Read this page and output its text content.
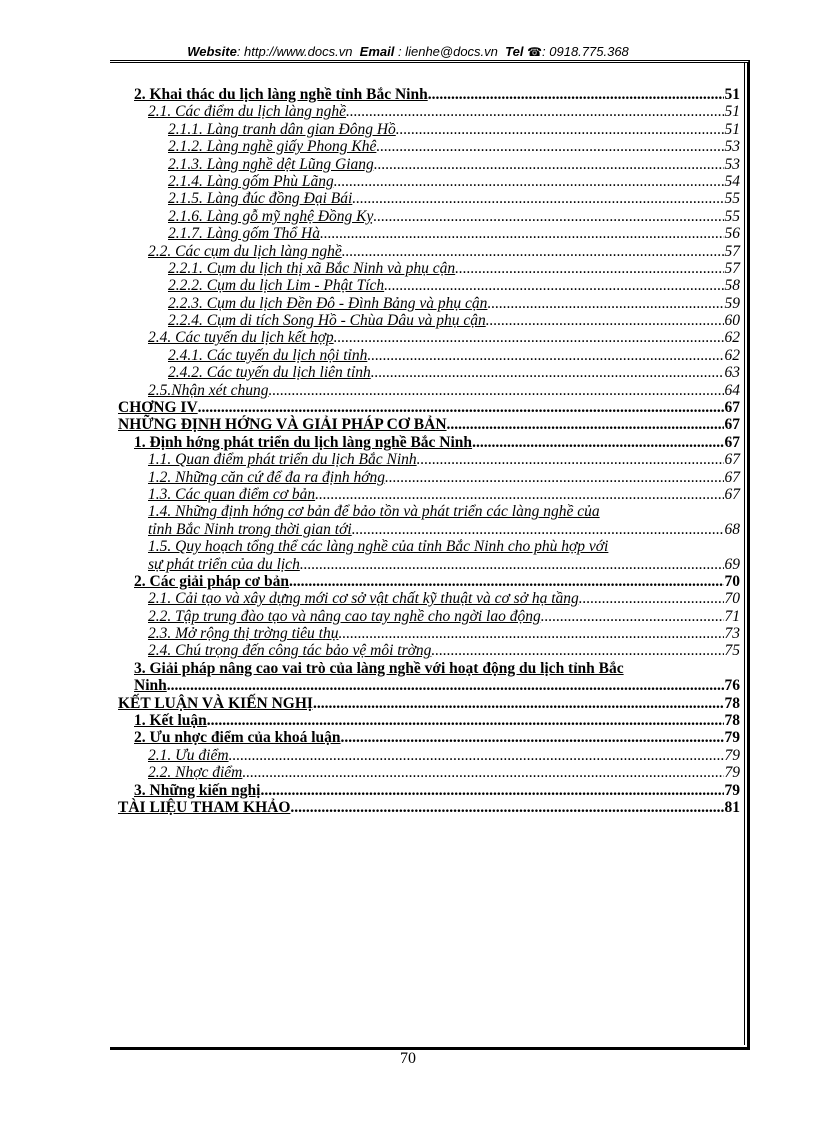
Website: http://www.docs.vn Email : lienhe@docs.vn Tel ☎: 0918.775.368
2. Khai thác du lịch làng nghề tỉnh Bắc Ninh .....	51
2.1. Các điểm du lịch làng nghề .....	51
2.1.1. Làng tranh dân gian Đông Hồ .....	51
2.1.2. Làng nghề giấy Phong Khê .....	53
2.1.3. Làng nghề dệt Lũng Giang .....	53
2.1.4. Làng gốm Phù Lãng .....	54
2.1.5. Làng đúc đồng Đại Bái .....	55
2.1.6. Làng gỗ mỹ nghệ Đồng Kỵ .....	55
2.1.7. Làng gốm Thổ Hà .....	56
2.2. Các cụm du lịch làng nghề .....	57
2.2.1. Cụm du lịch thị xã Bắc Ninh và phụ cận .....	57
2.2.2. Cụm du lịch Lim - Phật Tích .....	58
2.2.3. Cụm du lịch Đền Đô - Đình Bảng và phụ cận .....	59
2.2.4. Cụm di tích Song Hồ - Chùa Dâu và phụ cận .....	60
2.4. Các tuyến du lịch kết hợp .....	62
2.4.1. Các tuyến du lịch nội tỉnh .....	62
2.4.2. Các tuyến du lịch liên tỉnh .....	63
2.5.Nhận xét chung .....	64
CHƠNG IV .....	67
NHỮNG ĐỊNH HỚNG VÀ GIẢI PHÁP CƠ BẢN .....	67
1. Định hớng phát triển du lịch làng nghề Bắc Ninh .....	67
1.1. Quan điểm phát triển du lịch Bắc Ninh .....	67
1.2. Những căn cứ để đa ra định hớng .....	67
1.3. Các quan điểm cơ bản .....	67
1.4. Những định hớng cơ bản để bảo tồn và phát triển các làng nghề của
tỉnh Bắc Ninh trong thời gian tới .....	68
1.5. Quy hoạch tổng thể các làng nghề của tỉnh Bắc Ninh cho phù hợp với
sự phát triển của du lịch .....	69
2. Các giải pháp cơ bản .....	70
2.1. Cải tạo và xây dựng mới cơ sở vật chất kỹ thuật và cơ sở hạ tầng .....	70
2.2. Tập trung đào tạo và nâng cao tay nghề cho ngời lao động .....	71
2.3. Mở rộng thị trờng tiêu thụ .....	73
2.4. Chú trọng đến công tác bảo vệ môi trờng .....	75
3. Giải pháp nâng cao vai trò của làng nghề với hoạt động du lịch tỉnh Bắc
Ninh .....	76
KẾT LUẬN VÀ KIẾN NGHỊ .....	78
1. Kết luận .....	78
2. Ưu nhợc điểm của khoá luận .....	79
2.1. Ưu điểm .....	79
2.2. Nhợc điểm .....	79
3. Những kiến nghị .....	79
TÀI LIỆU THAM KHẢO .....	81
70
